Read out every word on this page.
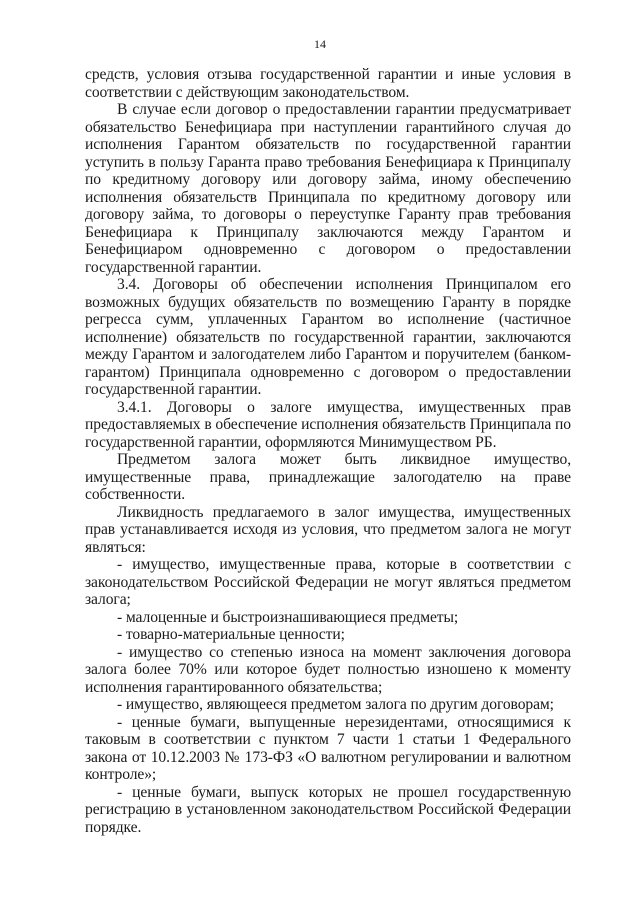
14

средств, условия отзыва государственной гарантии и иные условия в соответствии с действующим законодательством.

В случае если договор о предоставлении гарантии предусматривает обязательство Бенефициара при наступлении гарантийного случая до исполнения Гарантом обязательств по государственной гарантии уступить в пользу Гаранта право требования Бенефициара к Принципалу по кредитному договору или договору займа, иному обеспечению исполнения обязательств Принципала по кредитному договору или договору займа, то договоры о переуступке Гаранту прав требования Бенефициара к Принципалу заключаются между Гарантом и Бенефициаром одновременно с договором о предоставлении государственной гарантии.

3.4. Договоры об обеспечении исполнения Принципалом его возможных будущих обязательств по возмещению Гаранту в порядке регресса сумм, уплаченных Гарантом во исполнение (частичное исполнение) обязательств по государственной гарантии, заключаются между Гарантом и залогодателем либо Гарантом и поручителем (банком-гарантом) Принципала одновременно с договором о предоставлении государственной гарантии.

3.4.1. Договоры о залоге имущества, имущественных прав предоставляемых в обеспечение исполнения обязательств Принципала по государственной гарантии, оформляются Минимуществом РБ.

Предметом залога может быть ликвидное имущество, имущественные права, принадлежащие залогодателю на праве собственности.

Ликвидность предлагаемого в залог имущества, имущественных прав устанавливается исходя из условия, что предметом залога не могут являться:

- имущество, имущественные права, которые в соответствии с законодательством Российской Федерации не могут являться предметом залога;

- малоценные и быстроизнашивающиеся предметы;

- товарно-материальные ценности;

- имущество со степенью износа на момент заключения договора залога более 70% или которое будет полностью изношено к моменту исполнения гарантированного обязательства;

- имущество, являющееся предметом залога по другим договорам;

- ценные бумаги, выпущенные нерезидентами, относящимися к таковым в соответствии с пунктом 7 части 1 статьи 1 Федерального закона от 10.12.2003 № 173-ФЗ «О валютном регулировании и валютном контроле»;

- ценные бумаги, выпуск которых не прошел государственную регистрацию в установленном законодательством Российской Федерации порядке.
